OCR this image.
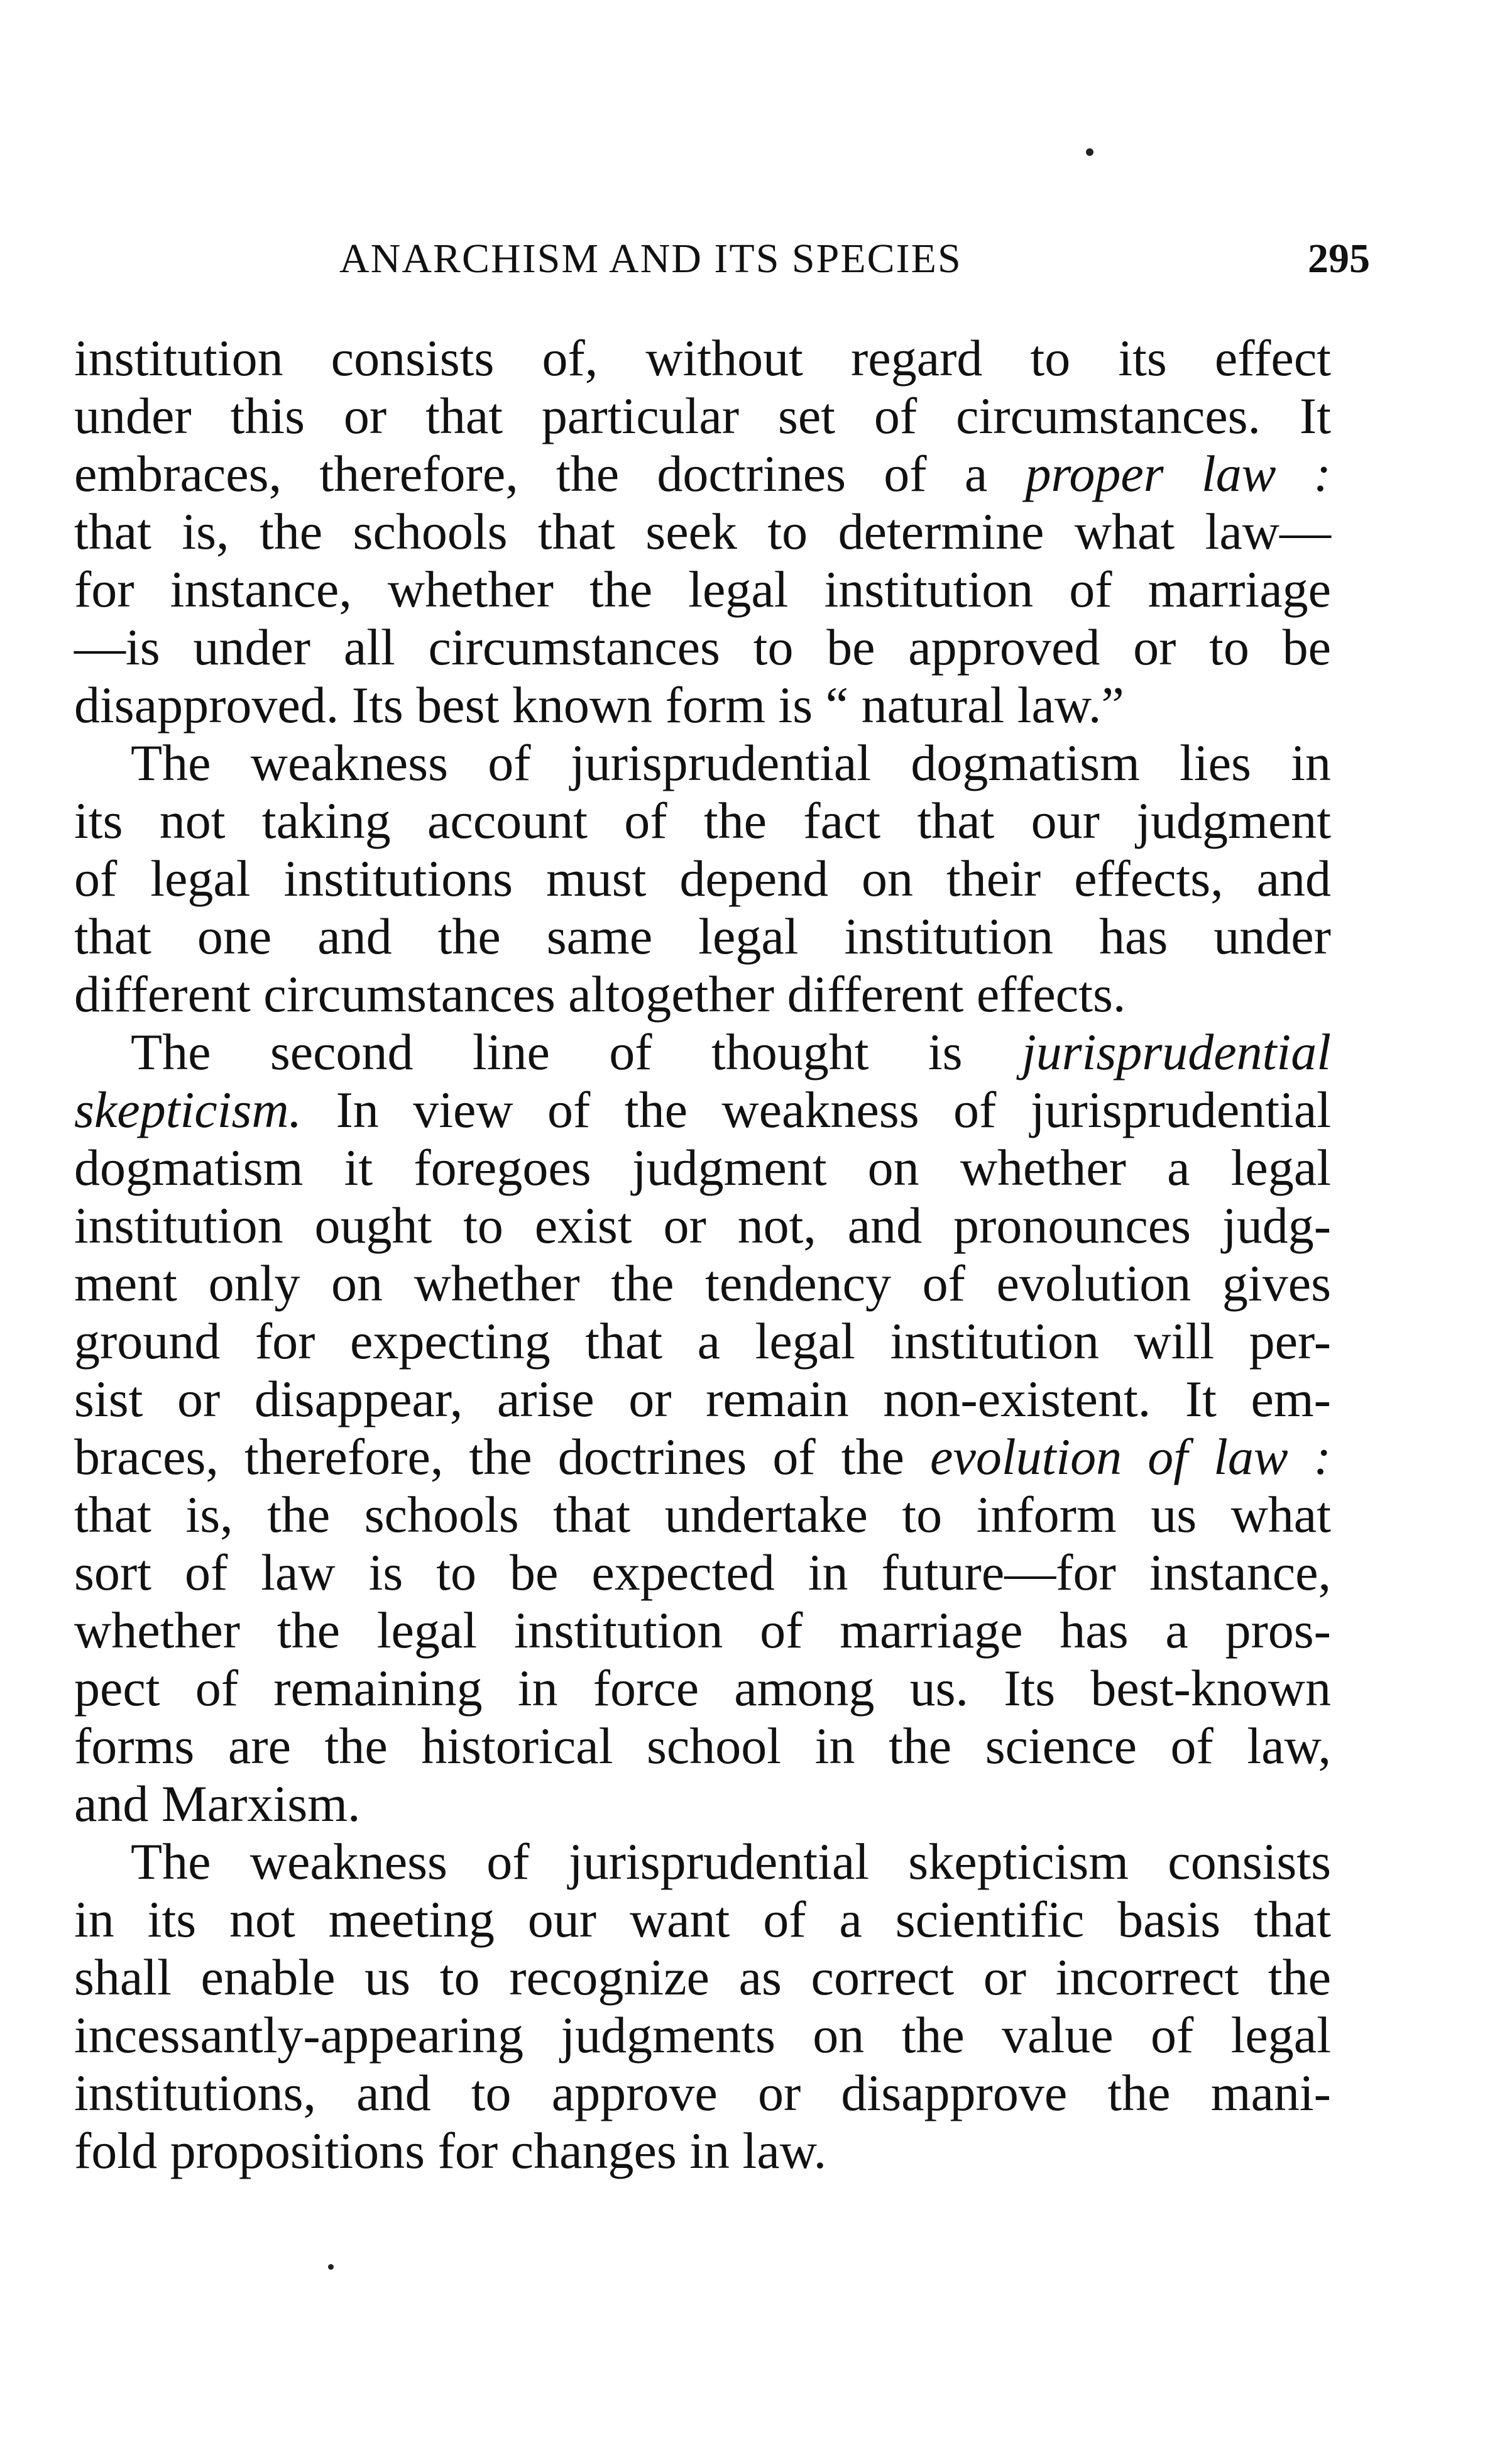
ANARCHISM AND ITS SPECIES	295
institution consists of, without regard to its effect
under this or that particular set of circumstances. It
embraces, therefore, the doctrines of a proper law :
that is, the schools that seek to determine what law—
for instance, whether the legal institution of marriage
—is under all circumstances to be approved or to be
disapproved. Its best known form is “ natural law.”
The weakness of jurisprudential dogmatism lies in
its not taking account of the fact that our judgment
of legal institutions must depend on their effects, and
that one and the same legal institution has under
different circumstances altogether different effects.
The second line of thought is jurisprudential
skepticism. In view of the weakness of jurisprudential
dogmatism it foregoes judgment on whether a legal
institution ought to exist or not, and pronounces judg-
ment only on whether the tendency of evolution gives
ground for expecting that a legal institution will per-
sist or disappear, arise or remain non-existent. It em-
braces, therefore, the doctrines of the evolution of law :
that is, the schools that undertake to inform us what
sort of law is to be expected in future—for instance,
whether the legal institution of marriage has a pros-
pect of remaining in force among us. Its best-known
forms are the historical school in the science of law,
and Marxism.
The weakness of jurisprudential skepticism consists
in its not meeting our want of a scientific basis that
shall enable us to recognize as correct or incorrect the
incessantly-appearing judgments on the value of legal
institutions, and to approve or disapprove the mani-
fold propositions for changes in law.
